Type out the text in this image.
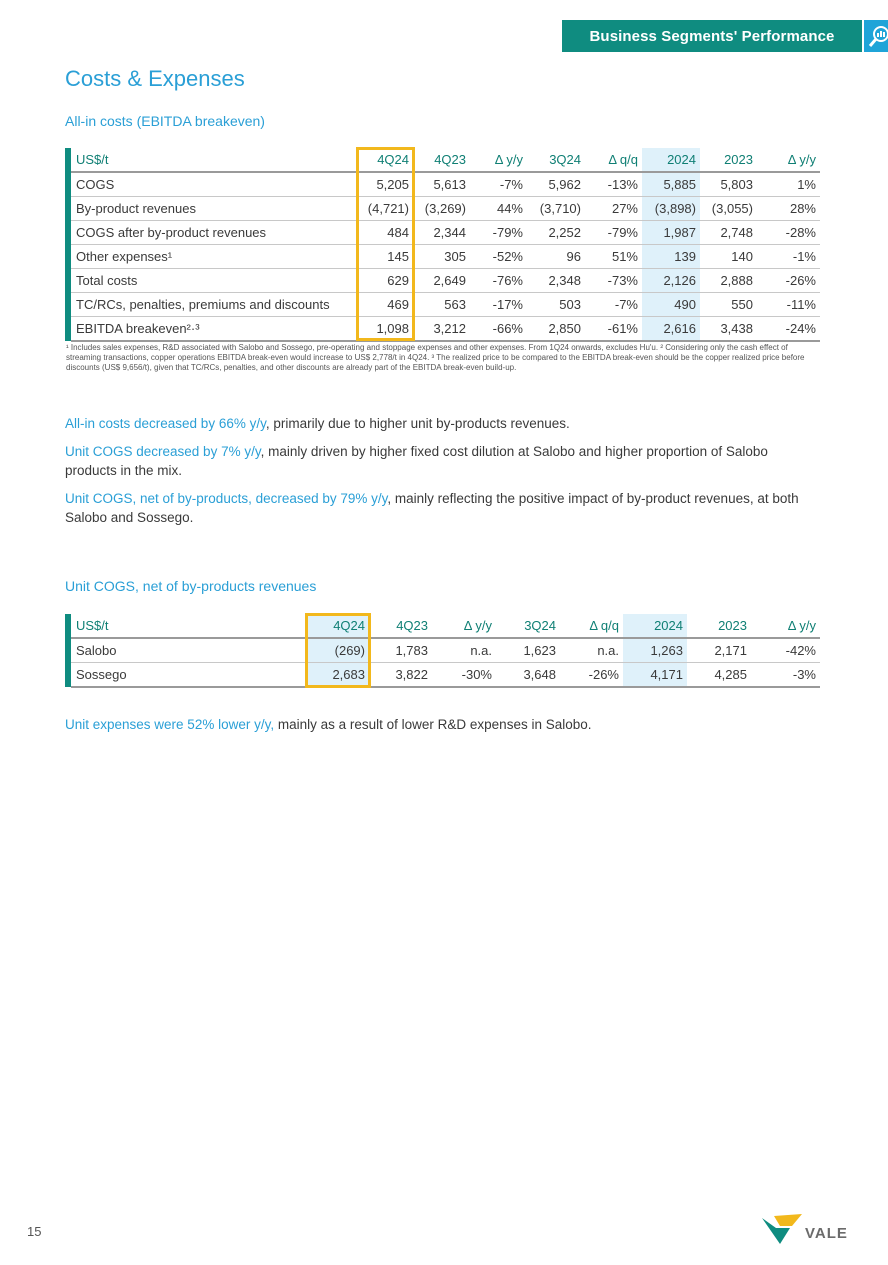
Business Segments' Performance
Costs & Expenses
All-in costs (EBITDA breakeven)
	US$/t	4Q24	4Q23	Δ y/y	3Q24	Δ q/q	2024	2023	Δ y/y
	COGS	5,205	5,613	-7%	5,962	-13%	5,885	5,803	1%
	By-product revenues	(4,721)	(3,269)	44%	(3,710)	27%	(3,898)	(3,055)	28%
	COGS after by-product revenues	484	2,344	-79%	2,252	-79%	1,987	2,748	-28%
	Other expenses¹	145	305	-52%	96	51%	139	140	-1%
	Total costs	629	2,649	-76%	2,348	-73%	2,126	2,888	-26%
	TC/RCs, penalties, premiums and discounts	469	563	-17%	503	-7%	490	550	-11%
	EBITDA breakeven²·³	1,098	3,212	-66%	2,850	-61%	2,616	3,438	-24%
¹ Includes sales expenses, R&D associated with Salobo and Sossego, pre-operating and stoppage expenses and other expenses. From 1Q24 onwards, excludes Hu'u. ² Considering only the cash effect of streaming transactions, copper operations EBITDA break-even would increase to US$ 2,778/t in 4Q24. ³ The realized price to be compared to the EBITDA break-even should be the copper realized price before discounts (US$ 9,656/t), given that TC/RCs, penalties, and other discounts are already part of the EBITDA break-even build-up.
All-in costs decreased by 66% y/y, primarily due to higher unit by-products revenues.
Unit COGS decreased by 7% y/y, mainly driven by higher fixed cost dilution at Salobo and higher proportion of Salobo products in the mix.
Unit COGS, net of by-products, decreased by 79% y/y, mainly reflecting the positive impact of by-product revenues, at both Salobo and Sossego.
Unit COGS, net of by-products revenues
	US$/t	4Q24	4Q23	Δ y/y	3Q24	Δ q/q	2024	2023	Δ y/y
	Salobo	(269)	1,783	n.a.	1,623	n.a.	1,263	2,171	-42%
	Sossego	2,683	3,822	-30%	3,648	-26%	4,171	4,285	-3%
Unit expenses were 52% lower y/y, mainly as a result of lower R&D expenses in Salobo.
15	VALE
